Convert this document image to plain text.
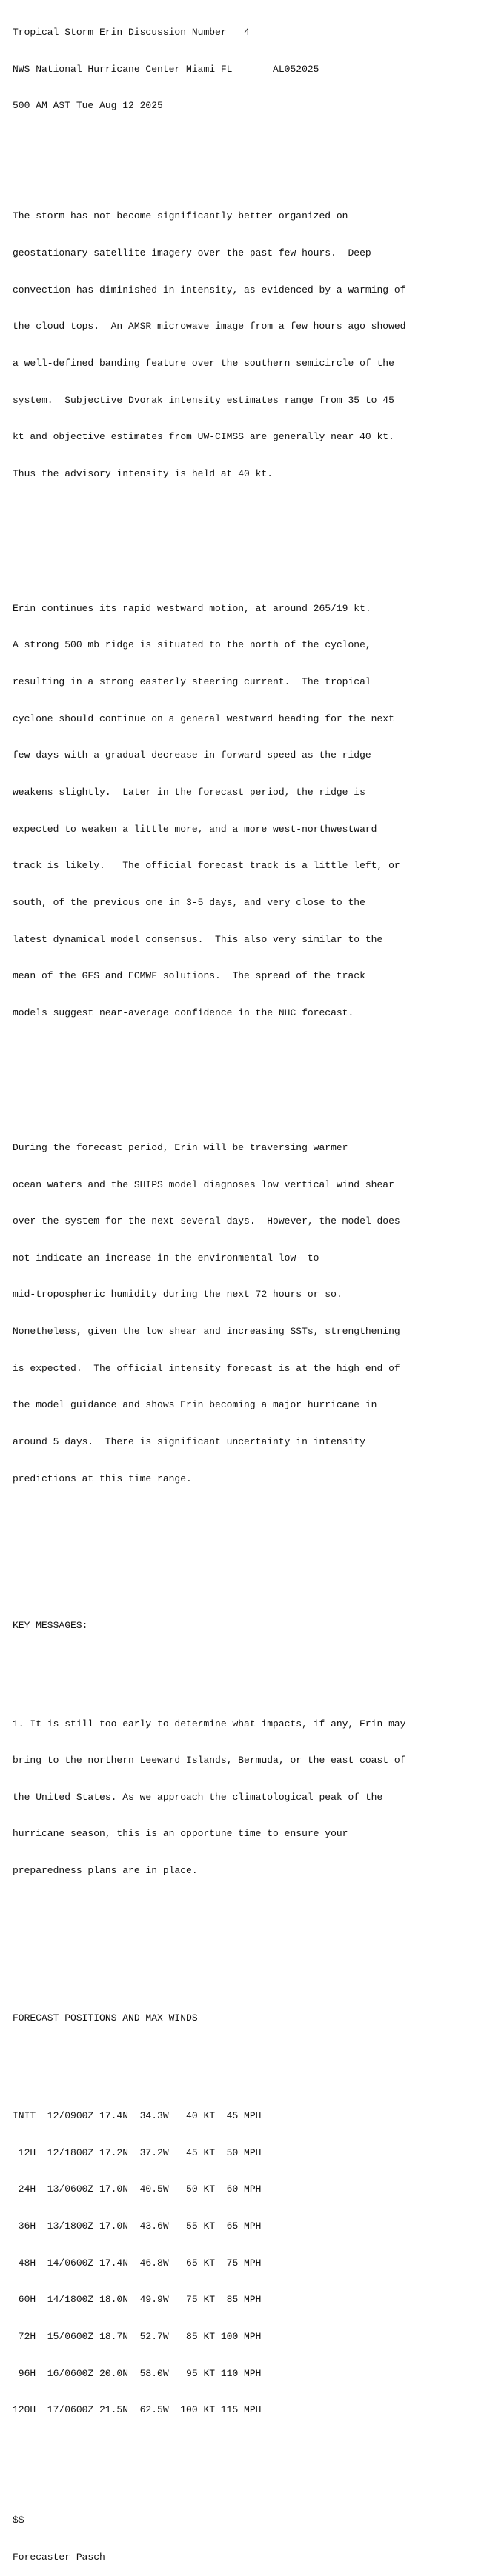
Tropical Storm Erin Discussion Number   4

NWS National Hurricane Center Miami FL       AL052025

500 AM AST Tue Aug 12 2025

The storm has not become significantly better organized on

geostationary satellite imagery over the past few hours.  Deep

convection has diminished in intensity, as evidenced by a warming of

the cloud tops.  An AMSR microwave image from a few hours ago showed

a well-defined banding feature over the southern semicircle of the

system.  Subjective Dvorak intensity estimates range from 35 to 45

kt and objective estimates from UW-CIMSS are generally near 40 kt.

Thus the advisory intensity is held at 40 kt.

Erin continues its rapid westward motion, at around 265/19 kt.

A strong 500 mb ridge is situated to the north of the cyclone,

resulting in a strong easterly steering current.  The tropical

cyclone should continue on a general westward heading for the next

few days with a gradual decrease in forward speed as the ridge

weakens slightly.  Later in the forecast period, the ridge is

expected to weaken a little more, and a more west-northwestward

track is likely.   The official forecast track is a little left, or

south, of the previous one in 3-5 days, and very close to the

latest dynamical model consensus.  This also very similar to the

mean of the GFS and ECMWF solutions.  The spread of the track

models suggest near-average confidence in the NHC forecast.

During the forecast period, Erin will be traversing warmer

ocean waters and the SHIPS model diagnoses low vertical wind shear

over the system for the next several days.  However, the model does

not indicate an increase in the environmental low- to

mid-tropospheric humidity during the next 72 hours or so.

Nonetheless, given the low shear and increasing SSTs, strengthening

is expected.  The official intensity forecast is at the high end of

the model guidance and shows Erin becoming a major hurricane in

around 5 days.  There is significant uncertainty in intensity

predictions at this time range.

KEY MESSAGES:

1. It is still too early to determine what impacts, if any, Erin may

bring to the northern Leeward Islands, Bermuda, or the east coast of

the United States. As we approach the climatological peak of the

hurricane season, this is an opportune time to ensure your

preparedness plans are in place.

FORECAST POSITIONS AND MAX WINDS

INIT  12/0900Z 17.4N  34.3W   40 KT  45 MPH

12H  12/1800Z 17.2N  37.2W   45 KT  50 MPH

24H  13/0600Z 17.0N  40.5W   50 KT  60 MPH

36H  13/1800Z 17.0N  43.6W   55 KT  65 MPH

48H  14/0600Z 17.4N  46.8W   65 KT  75 MPH

60H  14/1800Z 18.0N  49.9W   75 KT  85 MPH

72H  15/0600Z 18.7N  52.7W   85 KT 100 MPH

96H  16/0600Z 20.0N  58.0W   95 KT 110 MPH

120H  17/0600Z 21.5N  62.5W  100 KT 115 MPH

$$

Forecaster Pasch
